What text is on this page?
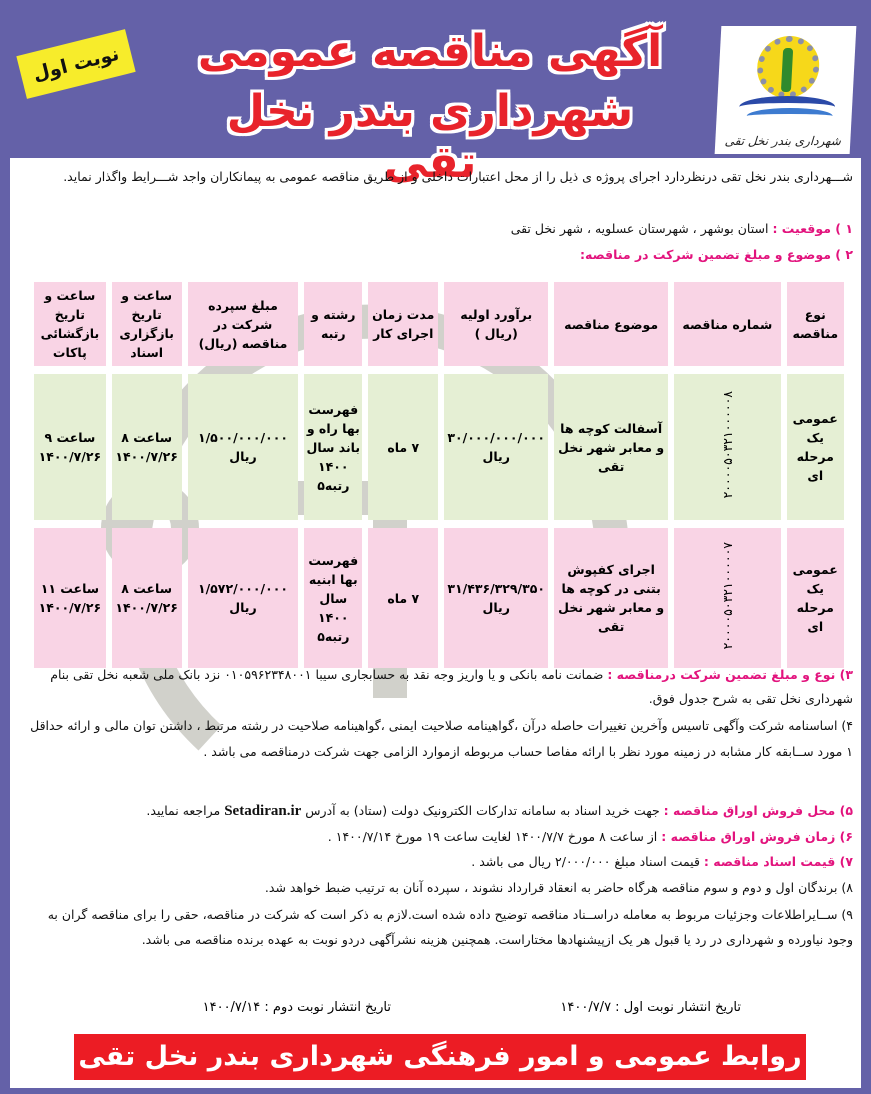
نوبت اول	آگهی مناقصه عمومی
شهرداری بندر نخل تقی	شهرداری بندر نخل تقی
شـــهرداری بندر نخل تقی درنظردارد اجرای پروژه ی ذیل را از محل اعتبارات داخلی و از طریق مناقصه عمومی به پیمانکاران واجد شـــرایط واگذار نماید.
۱ ) موقعیت : استان بوشهر ، شهرستان عسلویه ، شهر نخل تقی
۲ ) موضوع و مبلغ تضمین شرکت در مناقصه:
نوع مناقصه	شماره مناقصه	موضوع مناقصه	برآورد اولیه (ریال )	مدت زمان اجرای کار	رشته و رتبه	مبلغ سپرده شرکت در مناقصه (ریال)	ساعت و تاریخ بازگزاری اسناد	ساعت و تاریخ بازگشائی پاکات
عمومی یک مرحله ای	۲۰۰۰۰۵۰۳۲۱۰۰۰۰۰۸	آسفالت کوچه ها و معابر شهر نخل تقی	۳۰/۰۰۰/۰۰۰/۰۰۰ ریال	۷ ماه	فهرست بها راه و باند سال ۱۴۰۰ رتبه۵	۱/۵۰۰/۰۰۰/۰۰۰ ریال	ساعت ۸ ۱۴۰۰/۷/۲۶	ساعت ۹ ۱۴۰۰/۷/۲۶
عمومی یک مرحله ای	۲۰۰۰۰۵۰۳۲۱۰۰۰۰۰۷	اجرای کفپوش بتنی در کوچه ها و معابر شهر نخل تقی	۳۱/۴۳۶/۳۲۹/۳۵۰ ریال	۷ ماه	فهرست بها ابنیه سال ۱۴۰۰ رتبه۵	۱/۵۷۲/۰۰۰/۰۰۰ ریال	ساعت ۸ ۱۴۰۰/۷/۲۶	ساعت ۱۱ ۱۴۰۰/۷/۲۶
۳) نوع و مبلغ تضمین شرکت درمناقصه : ضمانت نامه بانکی و یا واریز وجه نقد به حسابجاری سیبا ۰۱۰۵۹۶۲۳۴۸۰۰۱ نزد بانک ملی شعبه نخل تقی بنام شهرداری نخل تقی به شرح جدول فوق.
۴) اساسنامه شرکت وآگهی تاسیس وآخرین تغییرات حاصله درآن ،گواهینامه صلاحیت ایمنی ،گواهینامه صلاحیت در رشته مرتبط ، داشتن توان مالی و ارائه حداقل ۱ مورد ســابقه کار مشابه در زمینه مورد نظر با ارائه مفاصا حساب مربوطه ازموارد الزامی جهت شرکت درمناقصه می باشد .
۵) محل فروش اوراق مناقصه : جهت خرید اسناد به سامانه تدارکات الکترونیک دولت (ستاد) به آدرس Setadiran.ir مراجعه نمایید.
۶) زمان فروش اوراق مناقصه : از ساعت ۸ مورخ ۱۴۰۰/۷/۷ لغایت ساعت ۱۹ مورخ ۱۴۰۰/۷/۱۴ .
۷) قیمت اسناد مناقصه : قیمت اسناد مبلغ ۲/۰۰۰/۰۰۰ ریال می باشد .
۸) برندگان اول و دوم و سوم مناقصه هرگاه حاضر به انعقاد قرارداد نشوند ، سپرده آنان به ترتیب ضبط خواهد شد.
۹) ســایراطلاعات وجزئیات مربوط به معامله دراســناد مناقصه توضیح داده شده است.لازم به ذکر است که شرکت در مناقصه، حقی را برای مناقصه گران به وجود نیاورده و شهرداری در رد یا قبول هر یک ازپیشنهادها مختاراست. همچنین هزینه نشرآگهی دردو نوبت به عهده برنده مناقصه می باشد.
تاریخ انتشار نوبت اول : ۱۴۰۰/۷/۷
تاریخ انتشار نوبت دوم : ۱۴۰۰/۷/۱۴
روابط عمومی و امور فرهنگی شهرداری بندر نخل تقی
